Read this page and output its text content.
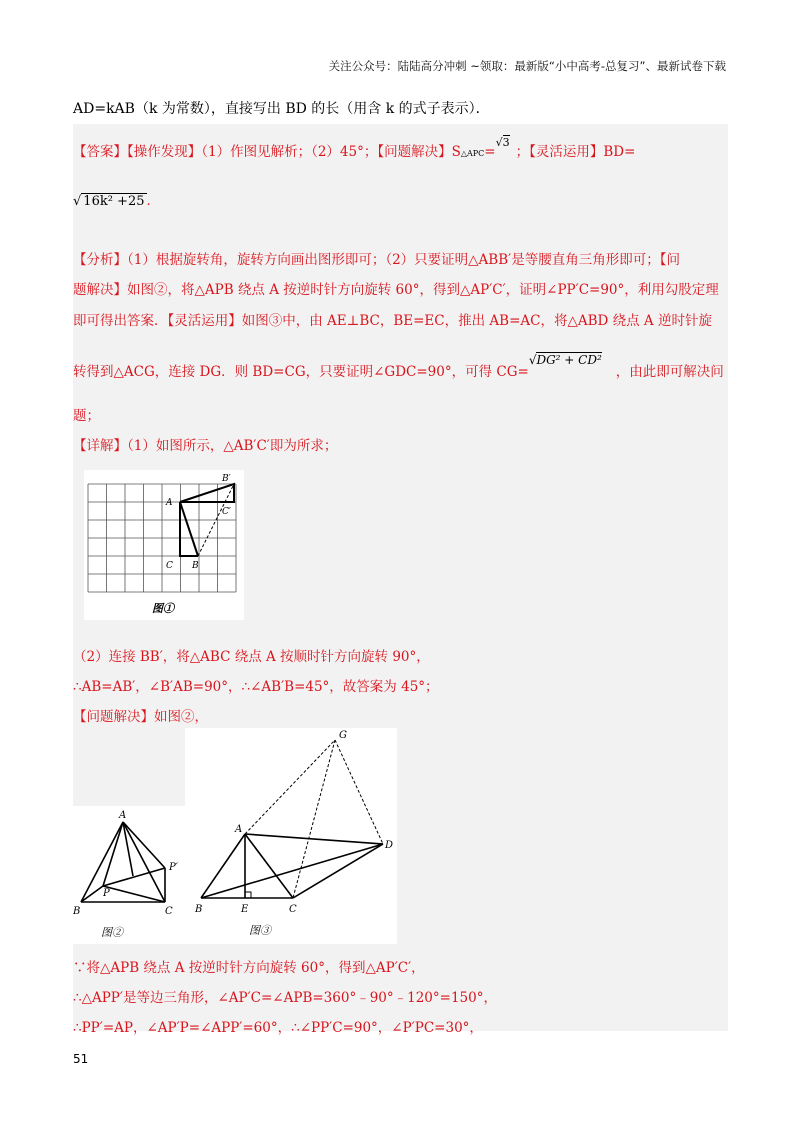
关注公众号：陆陆高分冲刺 ~领取：最新版“小中高考-总复习”、最新试卷下载
AD=kAB（k 为常数），直接写出 BD 的长（用含 k 的式子表示）．
【答案】【操作发现】（1）作图见解析；（2）45°；【问题解决】S△APC=$^{√3}$；【灵活运用】BD=
√ 16k² +25 .
【分析】（1）根据旋转角，旋转方向画出图形即可；（2）只要证明△ABB′是等腰直角三角形即可；【问
题解决】如图②，将△APB 绕点 A 按逆时针方向旋转 60°，得到△AP′C′，证明∠PP′C=90°，利用勾股定理
即可得出答案．【灵活运用】如图③中，由 AE⊥BC，BE=EC，推出 AB=AC，将△ABD 绕点 A 逆时针旋
转得到△ACG，连接 DG．则 BD=CG，只要证明∠GDC=90°，可得 CG=√DG² + CD²，由此即可解决问
题；
【详解】（1）如图所示，△AB′C′即为所求；
A
C B
B′
C′
图①
（2）连接 BB′，将△ABC 绕点 A 按顺时针方向旋转 90°，
∴AB=AB′，∠B′AB=90°，∴∠AB′B=45°，故答案为 45°；
【问题解决】如图②，
A
B	C
P
P′
图②
G
A
D
B	E	C
图③
∵将△APB 绕点 A 按逆时针方向旋转 60°，得到△AP′C′，
∴△APP′是等边三角形，∠AP′C=∠APB=360°﹣90°﹣120°=150°，
∴PP′=AP，∠AP′P=∠APP′=60°，∴∠PP′C=90°，∠P′PC=30°，
51
